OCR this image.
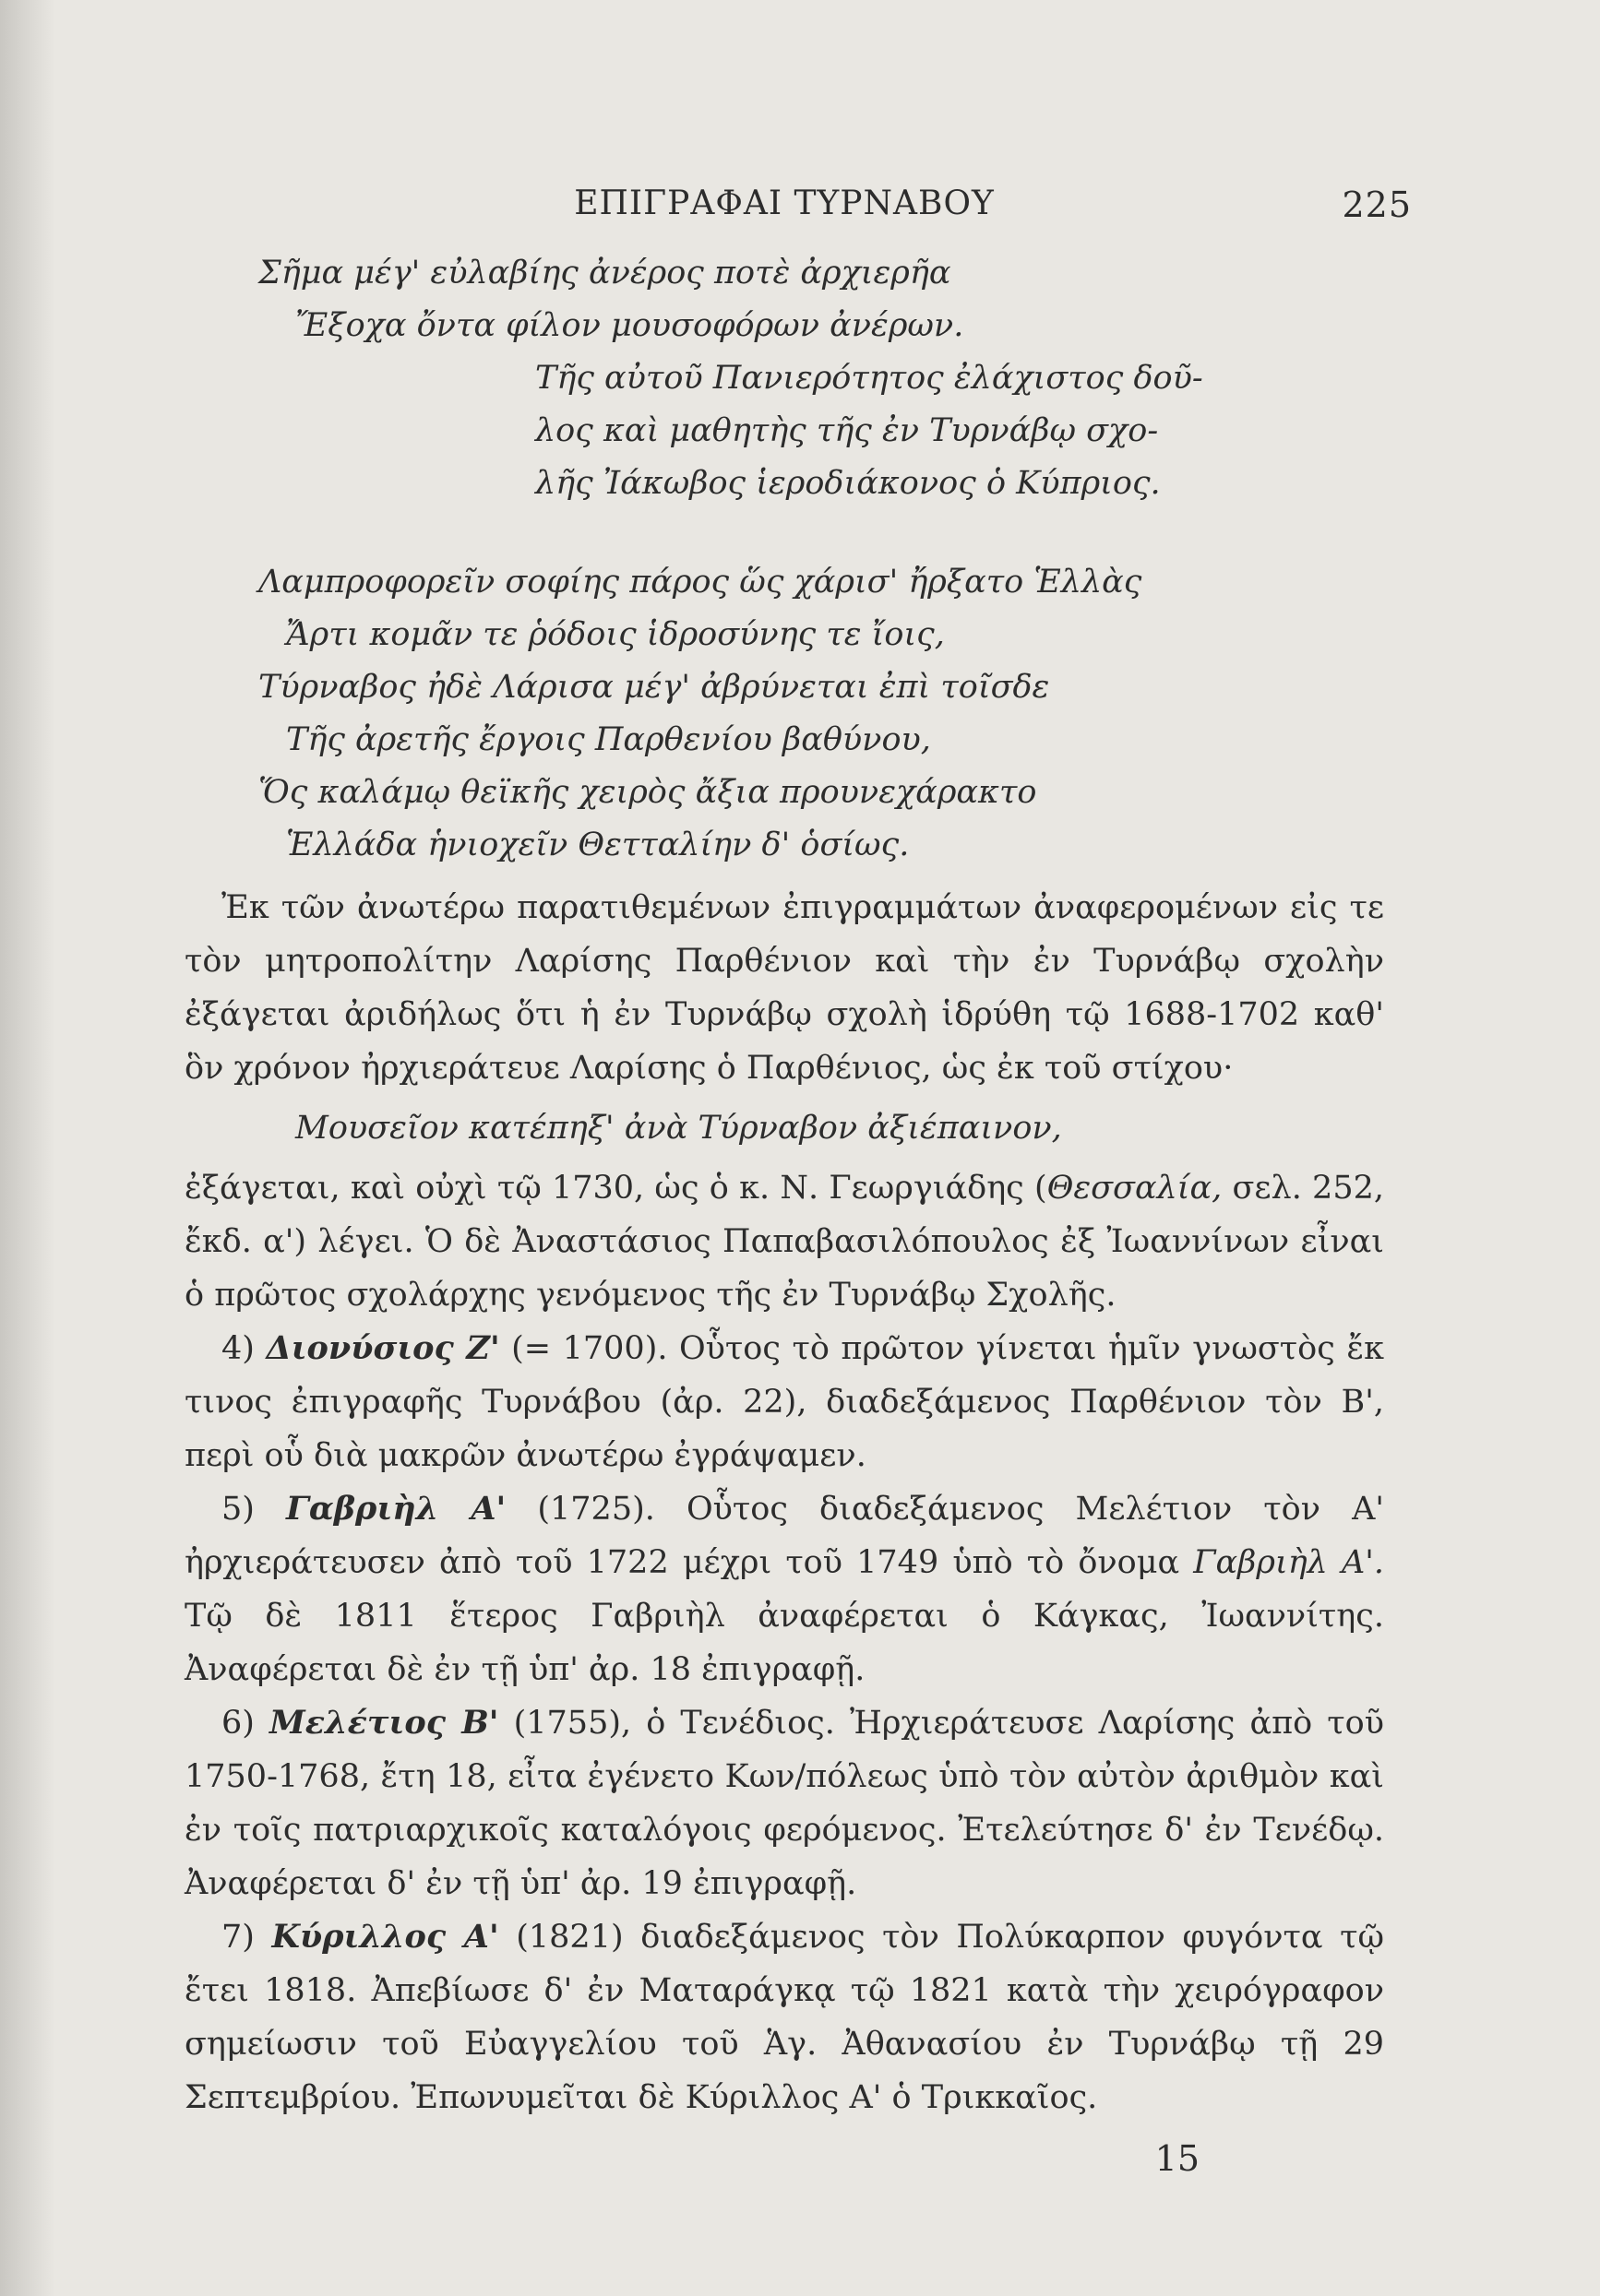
ΕΠΙΓΡΑΦΑΙ ΤΥΡΝΑΒΟΥ	225
Σῆμα μέγ' εὐλαβίης ἀνέρος ποτὲ ἀρχιερῆα
Ἔξοχα ὄντα φίλον μουσοφόρων ἀνέρων.
Τῆς αὐτοῦ Πανιερότητος ἐλάχιστος δοῦ-
λος καὶ μαθητὴς τῆς ἐν Τυρνάβῳ σχο-
λῆς Ἰάκωβος ἱεροδιάκονος ὁ Κύπριος.
Λαμπροφορεῖν σοφίης πάρος ὥς χάρισ' ἤρξατο Ἑλλὰς
Ἄρτι κομᾶν τε ῥόδοις ἱδροσύνης τε ἴοις,
Τύρναβος ἠδὲ Λάρισα μέγ' ἀβρύνεται ἐπὶ τοῖσδε
Τῆς ἀρετῆς ἔργοις Παρθενίου βαθύνου,
Ὅς καλάμῳ θεϊκῆς χειρὸς ἄξια προυνεχάρακτο
Ἑλλάδα ἡνιοχεῖν Θετταλίην δ' ὁσίως.

Ἐκ τῶν ἀνωτέρω παρατιθεμένων ἐπιγραμμάτων ἀναφερομένων εἰς τε τὸν μητροπολίτην Λαρίσης Παρθένιον καὶ τὴν ἐν Τυρνάβῳ σχολὴν ἐξάγεται ἀριδήλως ὅτι ἡ ἐν Τυρνάβῳ σχολὴ ἱδρύθη τῷ 1688-1702 καθ' ὃν χρόνον ἠρχιεράτευε Λαρίσης ὁ Παρθένιος, ὡς ἐκ τοῦ στίχου·

Μουσεῖον κατέπηξ' ἀνὰ Τύρναβον ἀξιέπαινον,

ἐξάγεται, καὶ οὐχὶ τῷ 1730, ὡς ὁ κ. Ν. Γεωργιάδης (Θεσσαλία, σελ. 252, ἔκδ. α') λέγει. Ὁ δὲ Ἀναστάσιος Παπαβασιλόπουλος ἐξ Ἰωαννίνων εἶναι ὁ πρῶτος σχολάρχης γενόμενος τῆς ἐν Τυρνάβῳ Σχολῆς.

4) Διονύσιος Ζ' (= 1700). Οὗτος τὸ πρῶτον γίνεται ἡμῖν γνωστὸς ἔκ τινος ἐπιγραφῆς Τυρνάβου (ἀρ. 22), διαδεξάμενος Παρθένιον τὸν Β', περὶ οὗ διὰ μακρῶν ἀνωτέρω ἐγράψαμεν.

5) Γαβριὴλ Α' (1725). Οὗτος διαδεξάμενος Μελέτιον τὸν Α' ἠρχιεράτευσεν ἀπὸ τοῦ 1722 μέχρι τοῦ 1749 ὑπὸ τὸ ὄνομα Γαβριὴλ Α'. Τῷ δὲ 1811 ἕτερος Γαβριὴλ ἀναφέρεται ὁ Κάγκας, Ἰωαννίτης. Ἀναφέρεται δὲ ἐν τῇ ὑπ' ἀρ. 18 ἐπιγραφῇ.

6) Μελέτιος Β' (1755), ὁ Τενέδιος. Ἠρχιεράτευσε Λαρίσης ἀπὸ τοῦ 1750-1768, ἔτη 18, εἶτα ἐγένετο Κων/πόλεως ὑπὸ τὸν αὐτὸν ἀριθμὸν καὶ ἐν τοῖς πατριαρχικοῖς καταλόγοις φερόμενος. Ἐτελεύτησε δ' ἐν Τενέδῳ. Ἀναφέρεται δ' ἐν τῇ ὑπ' ἀρ. 19 ἐπιγραφῇ.

7) Κύριλλος Α' (1821) διαδεξάμενος τὸν Πολύκαρπον φυγόντα τῷ ἔτει 1818. Ἀπεβίωσε δ' ἐν Ματαράγκᾳ τῷ 1821 κατὰ τὴν χειρόγραφον σημείωσιν τοῦ Εὐαγγελίου τοῦ Ἁγ. Ἀθανασίου ἐν Τυρνάβῳ τῇ 29 Σεπτεμβρίου. Ἐπωνυμεῖται δὲ Κύριλλος Α' ὁ Τρικκαῖος.

15
